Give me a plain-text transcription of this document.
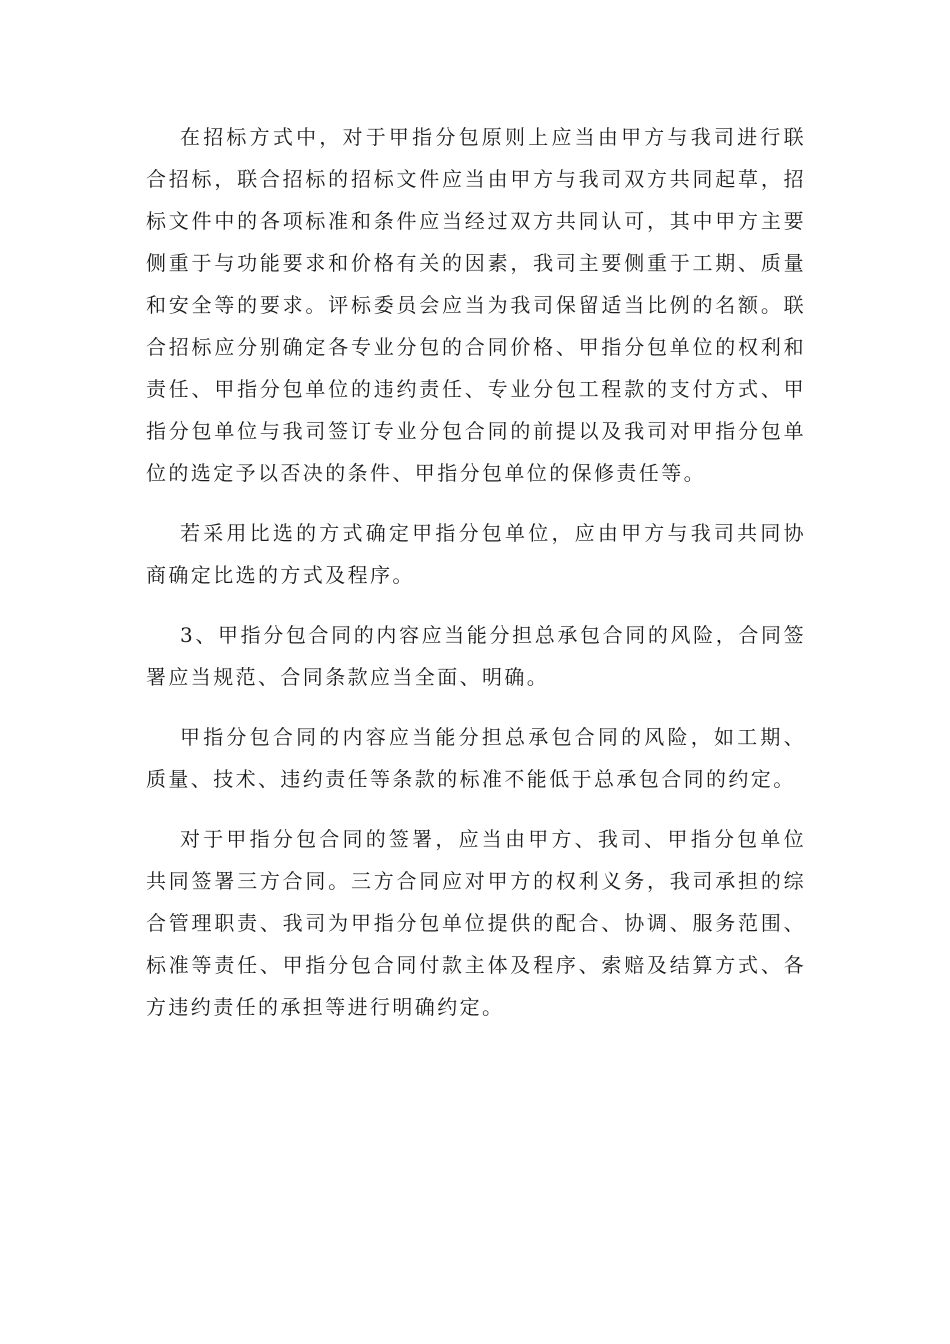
在招标方式中，对于甲指分包原则上应当由甲方与我司进行联合招标，联合招标的招标文件应当由甲方与我司双方共同起草，招标文件中的各项标准和条件应当经过双方共同认可，其中甲方主要侧重于与功能要求和价格有关的因素，我司主要侧重于工期、质量和安全等的要求。评标委员会应当为我司保留适当比例的名额。联合招标应分别确定各专业分包的合同价格、甲指分包单位的权利和责任、甲指分包单位的违约责任、专业分包工程款的支付方式、甲指分包单位与我司签订专业分包合同的前提以及我司对甲指分包单位的选定予以否决的条件、甲指分包单位的保修责任等。

若采用比选的方式确定甲指分包单位，应由甲方与我司共同协商确定比选的方式及程序。

3、甲指分包合同的内容应当能分担总承包合同的风险，合同签署应当规范、合同条款应当全面、明确。

甲指分包合同的内容应当能分担总承包合同的风险，如工期、质量、技术、违约责任等条款的标准不能低于总承包合同的约定。

对于甲指分包合同的签署，应当由甲方、我司、甲指分包单位共同签署三方合同。三方合同应对甲方的权利义务，我司承担的综合管理职责、我司为甲指分包单位提供的配合、协调、服务范围、标准等责任、甲指分包合同付款主体及程序、索赔及结算方式、各方违约责任的承担等进行明确约定。
